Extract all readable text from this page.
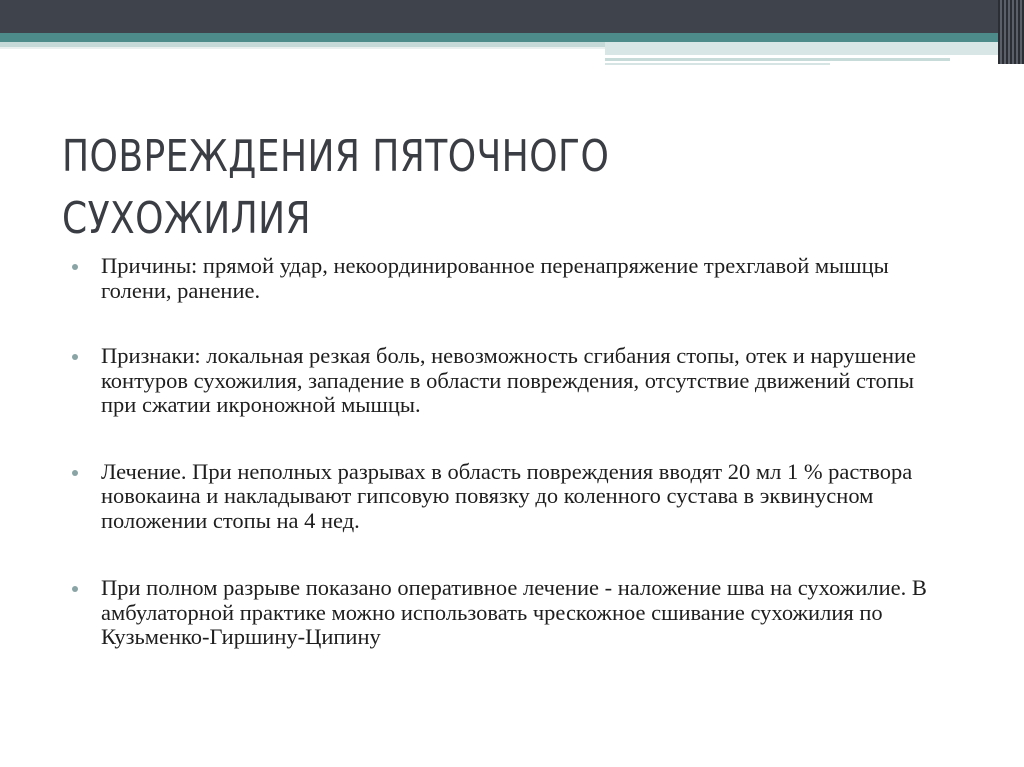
ПОВРЕЖДЕНИЯ ПЯТОЧНОГО
СУХОЖИЛИЯ
Причины: прямой удар, некоординированное перенапряжение трехглавой мышцы голени, ранение.
Признаки: локальная резкая боль, невозможность сгибания стопы, отек и нарушение контуров сухожилия, западение в области повреждения, отсутствие движений стопы при сжатии икроножной мышцы.
Лечение. При неполных разрывах в область повреждения вводят 20 мл 1 % раствора новокаина и накладывают гипсовую повязку до коленного сустава в эквинусном положении стопы на 4 нед.
При полном разрыве показано оперативное лечение - наложение шва на сухожилие. В амбулаторной практике можно использовать чрескожное сшивание сухожилия по Кузьменко-Гиршину-Ципину
